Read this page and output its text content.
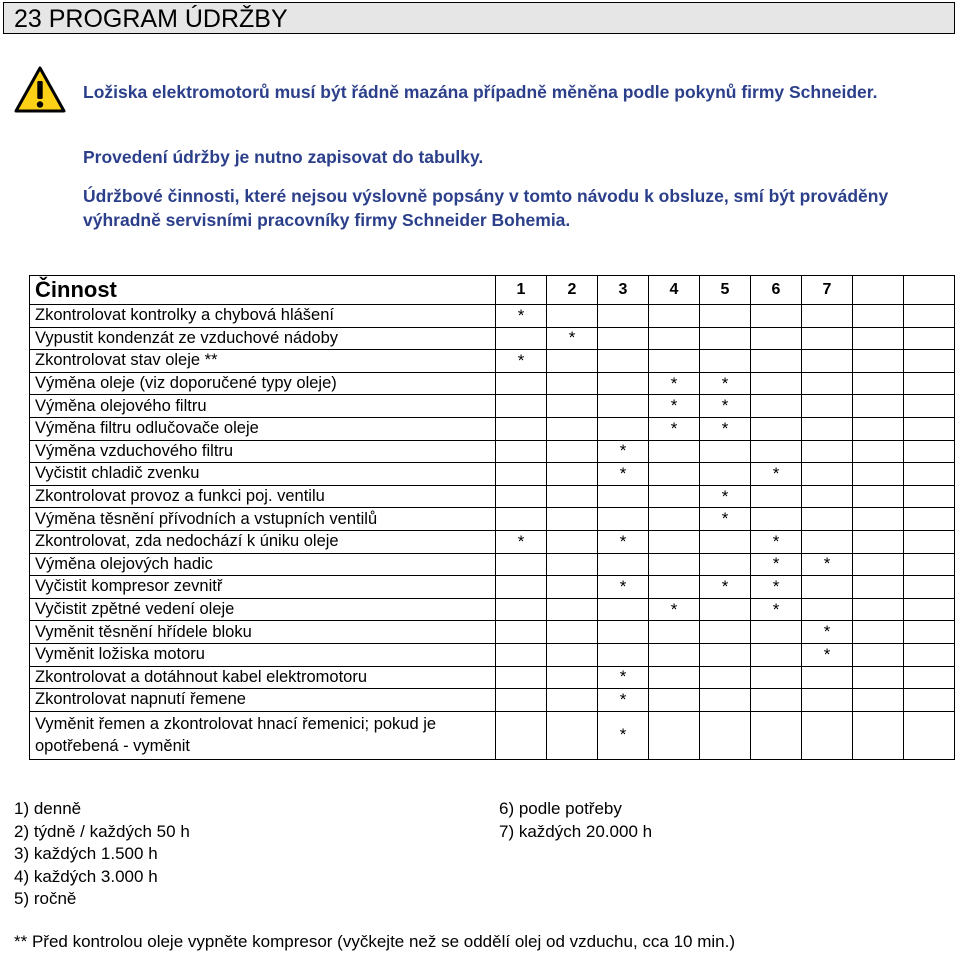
23 PROGRAM ÚDRŽBY
Ložiska elektromotorů musí být řádně mazána případně měněna podle pokynů firmy Schneider.
Provedení údržby je nutno zapisovat do tabulky.
Údržbové činnosti, které nejsou výslovně popsány v tomto návodu k obsluze, smí být prováděny výhradně servisními pracovníky firmy Schneider Bohemia.
Činnost	1	2	3	4	5	6	7		
Zkontrolovat kontrolky a chybová hlášení	*								
Vypustit kondenzát ze vzduchové nádoby		*							
Zkontrolovat stav oleje **	*								
Výměna oleje (viz doporučené typy oleje)				*	*				
Výměna olejového filtru				*	*				
Výměna filtru odlučovače oleje				*	*				
Výměna vzduchového filtru			*						
Vyčistit chladič zvenku			*			*			
Zkontrolovat provoz a funkci poj. ventilu					*				
Výměna těsnění přívodních a vstupních ventilů					*				
Zkontrolovat, zda nedochází k úniku oleje	*		*			*			
Výměna olejových hadic						*	*		
Vyčistit kompresor zevnitř			*		*	*			
Vyčistit zpětné vedení oleje				*		*			
Vyměnit těsnění hřídele bloku							*		
Vyměnit ložiska motoru							*		
Zkontrolovat a dotáhnout kabel elektromotoru			*						
Zkontrolovat napnutí řemene			*						
Vyměnit řemen a zkontrolovat hnací řemenici; pokud je opotřebená - vyměnit			*						
1) denně
2) týdně / každých 50 h
3) každých 1.500 h
4) každých 3.000 h
5) ročně
6) podle potřeby
7) každých 20.000 h
** Před kontrolou oleje vypněte kompresor (vyčkejte než se oddělí olej od vzduchu, cca 10 min.)
